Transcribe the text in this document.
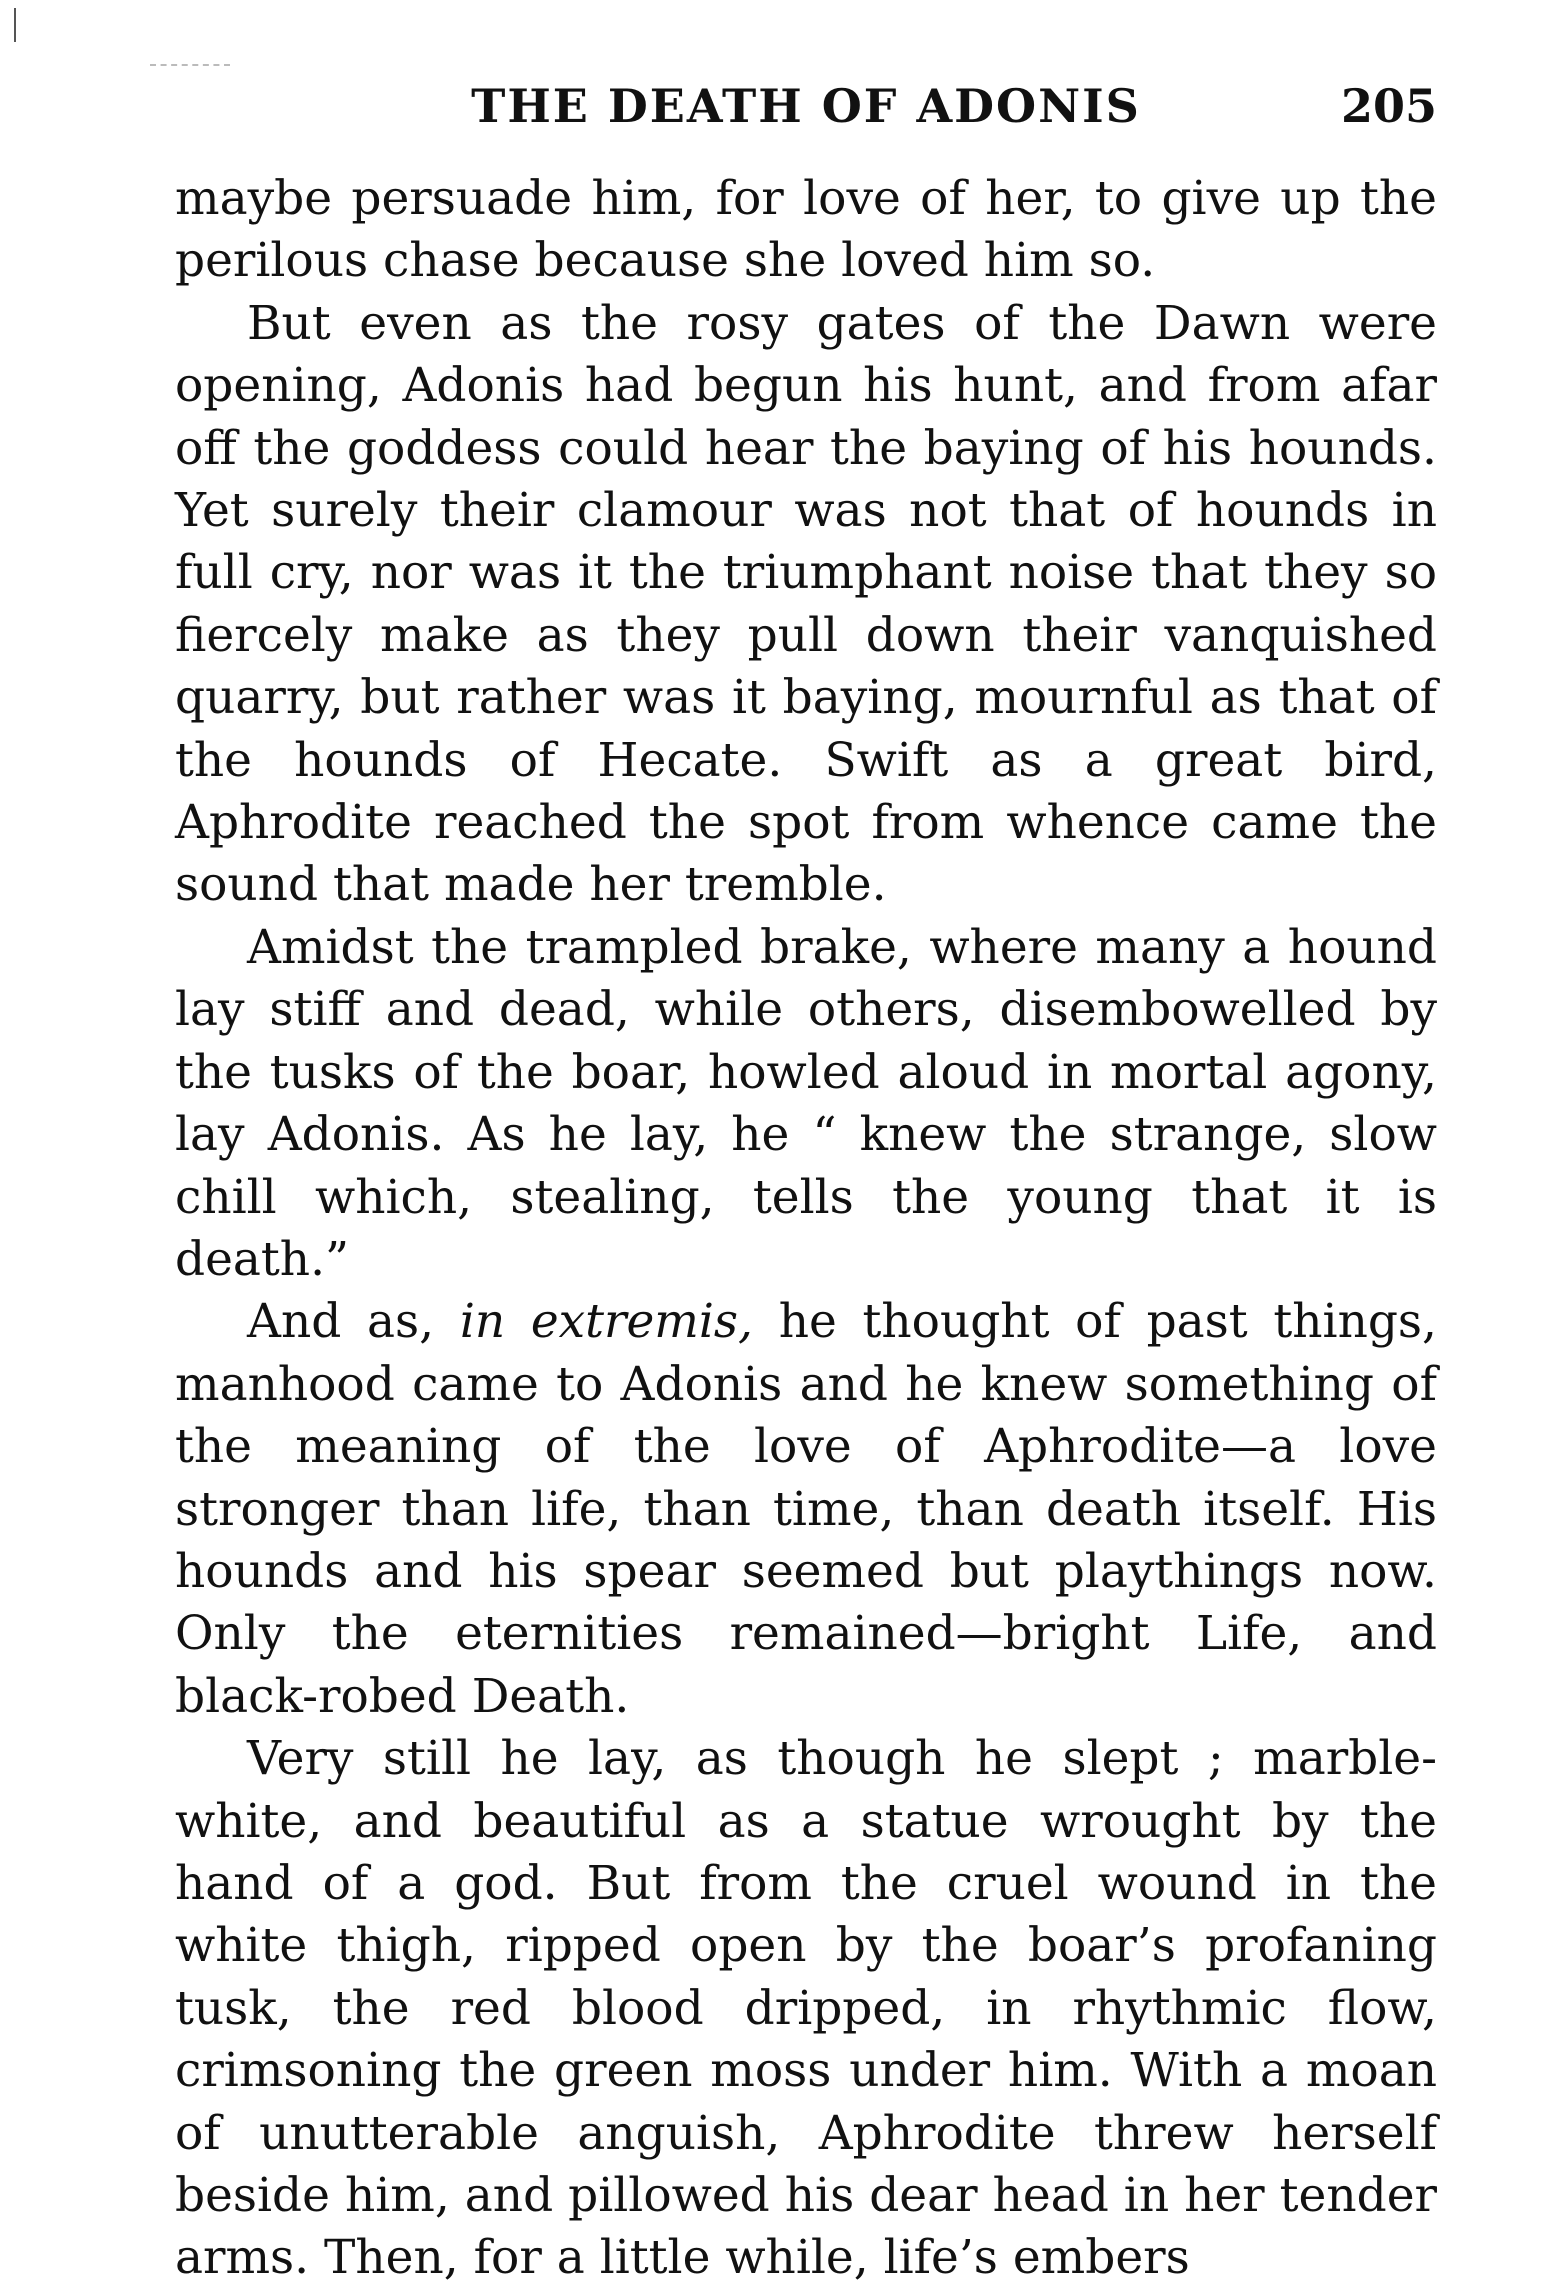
THE DEATH OF ADONIS	205

maybe persuade him, for love of her, to give up the perilous chase because she loved him so.

But even as the rosy gates of the Dawn were opening, Adonis had begun his hunt, and from afar off the goddess could hear the baying of his hounds. Yet surely their clamour was not that of hounds in full cry, nor was it the triumphant noise that they so fiercely make as they pull down their vanquished quarry, but rather was it baying, mournful as that of the hounds of Hecate. Swift as a great bird, Aphrodite reached the spot from whence came the sound that made her tremble.

Amidst the trampled brake, where many a hound lay stiff and dead, while others, disembowelled by the tusks of the boar, howled aloud in mortal agony, lay Adonis. As he lay, he “ knew the strange, slow chill which, stealing, tells the young that it is death.”

And as, in extremis, he thought of past things, manhood came to Adonis and he knew something of the meaning of the love of Aphrodite—a love stronger than life, than time, than death itself. His hounds and his spear seemed but playthings now. Only the eternities remained—bright Life, and black-robed Death.

Very still he lay, as though he slept ; marble-white, and beautiful as a statue wrought by the hand of a god. But from the cruel wound in the white thigh, ripped open by the boar’s profaning tusk, the red blood dripped, in rhythmic flow, crimsoning the green moss under him. With a moan of unutterable anguish, Aphrodite threw herself beside him, and pillowed his dear head in her tender arms. Then, for a little while, life’s embers
